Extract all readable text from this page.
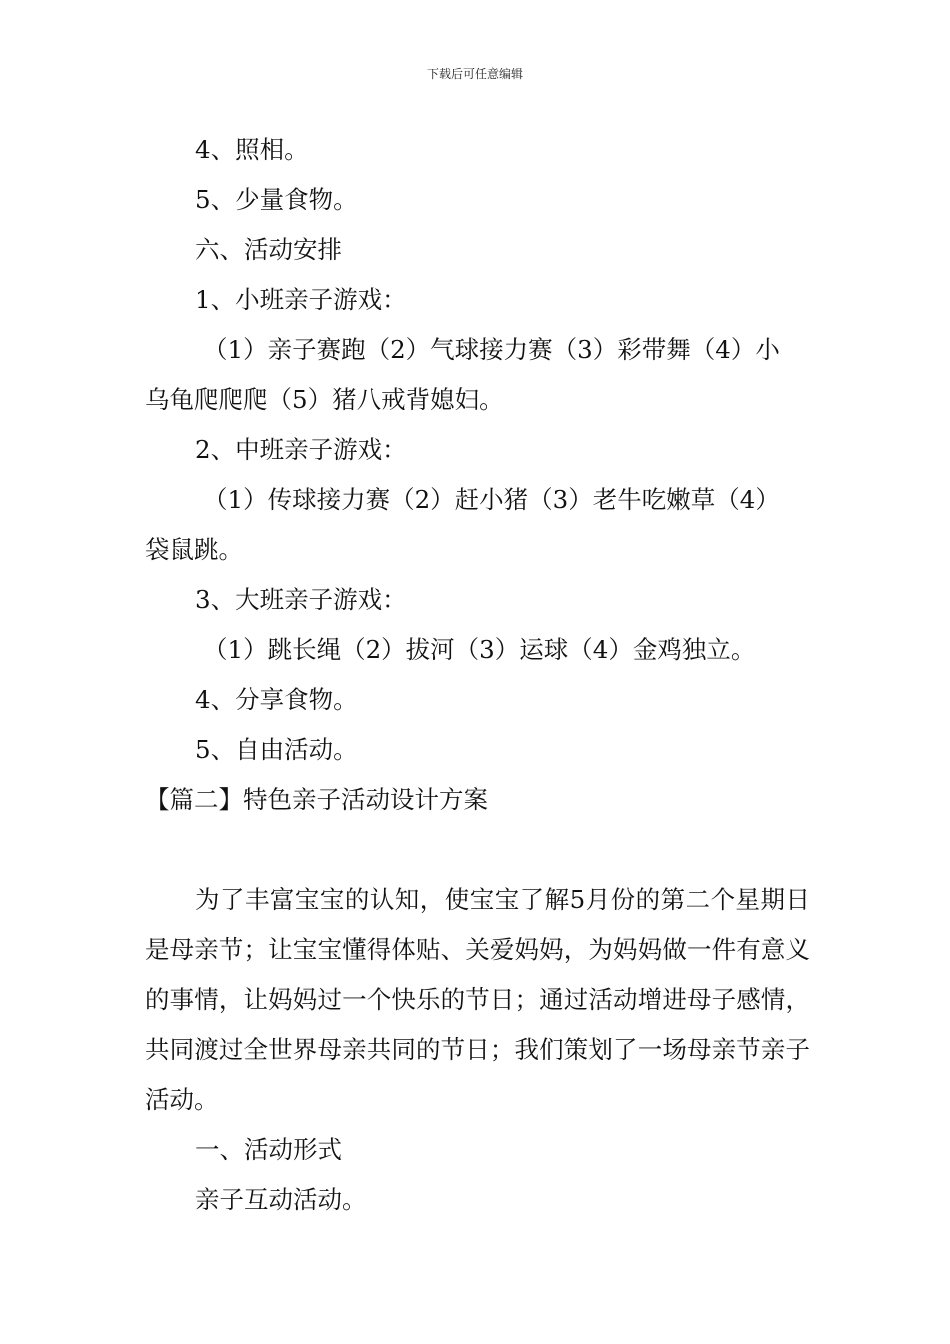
下载后可任意编辑
4、照相。
5、少量食物。
六、活动安排
1、小班亲子游戏：
（1）亲子赛跑（2）气球接力赛（3）彩带舞（4）小
乌龟爬爬爬（5）猪八戒背媳妇。
2、中班亲子游戏：
（1）传球接力赛（2）赶小猪（3）老牛吃嫩草（4）
袋鼠跳。
3、大班亲子游戏：
（1）跳长绳（2）拔河（3）运球（4）金鸡独立。
4、分享食物。
5、自由活动。
【篇二】特色亲子活动设计方案
为了丰富宝宝的认知，使宝宝了解5月份的第二个星期日是母亲节；让宝宝懂得体贴、关爱妈妈，为妈妈做一件有意义的事情，让妈妈过一个快乐的节日；通过活动增进母子感情，共同渡过全世界母亲共同的节日；我们策划了一场母亲节亲子活动。
一、活动形式
亲子互动活动。
